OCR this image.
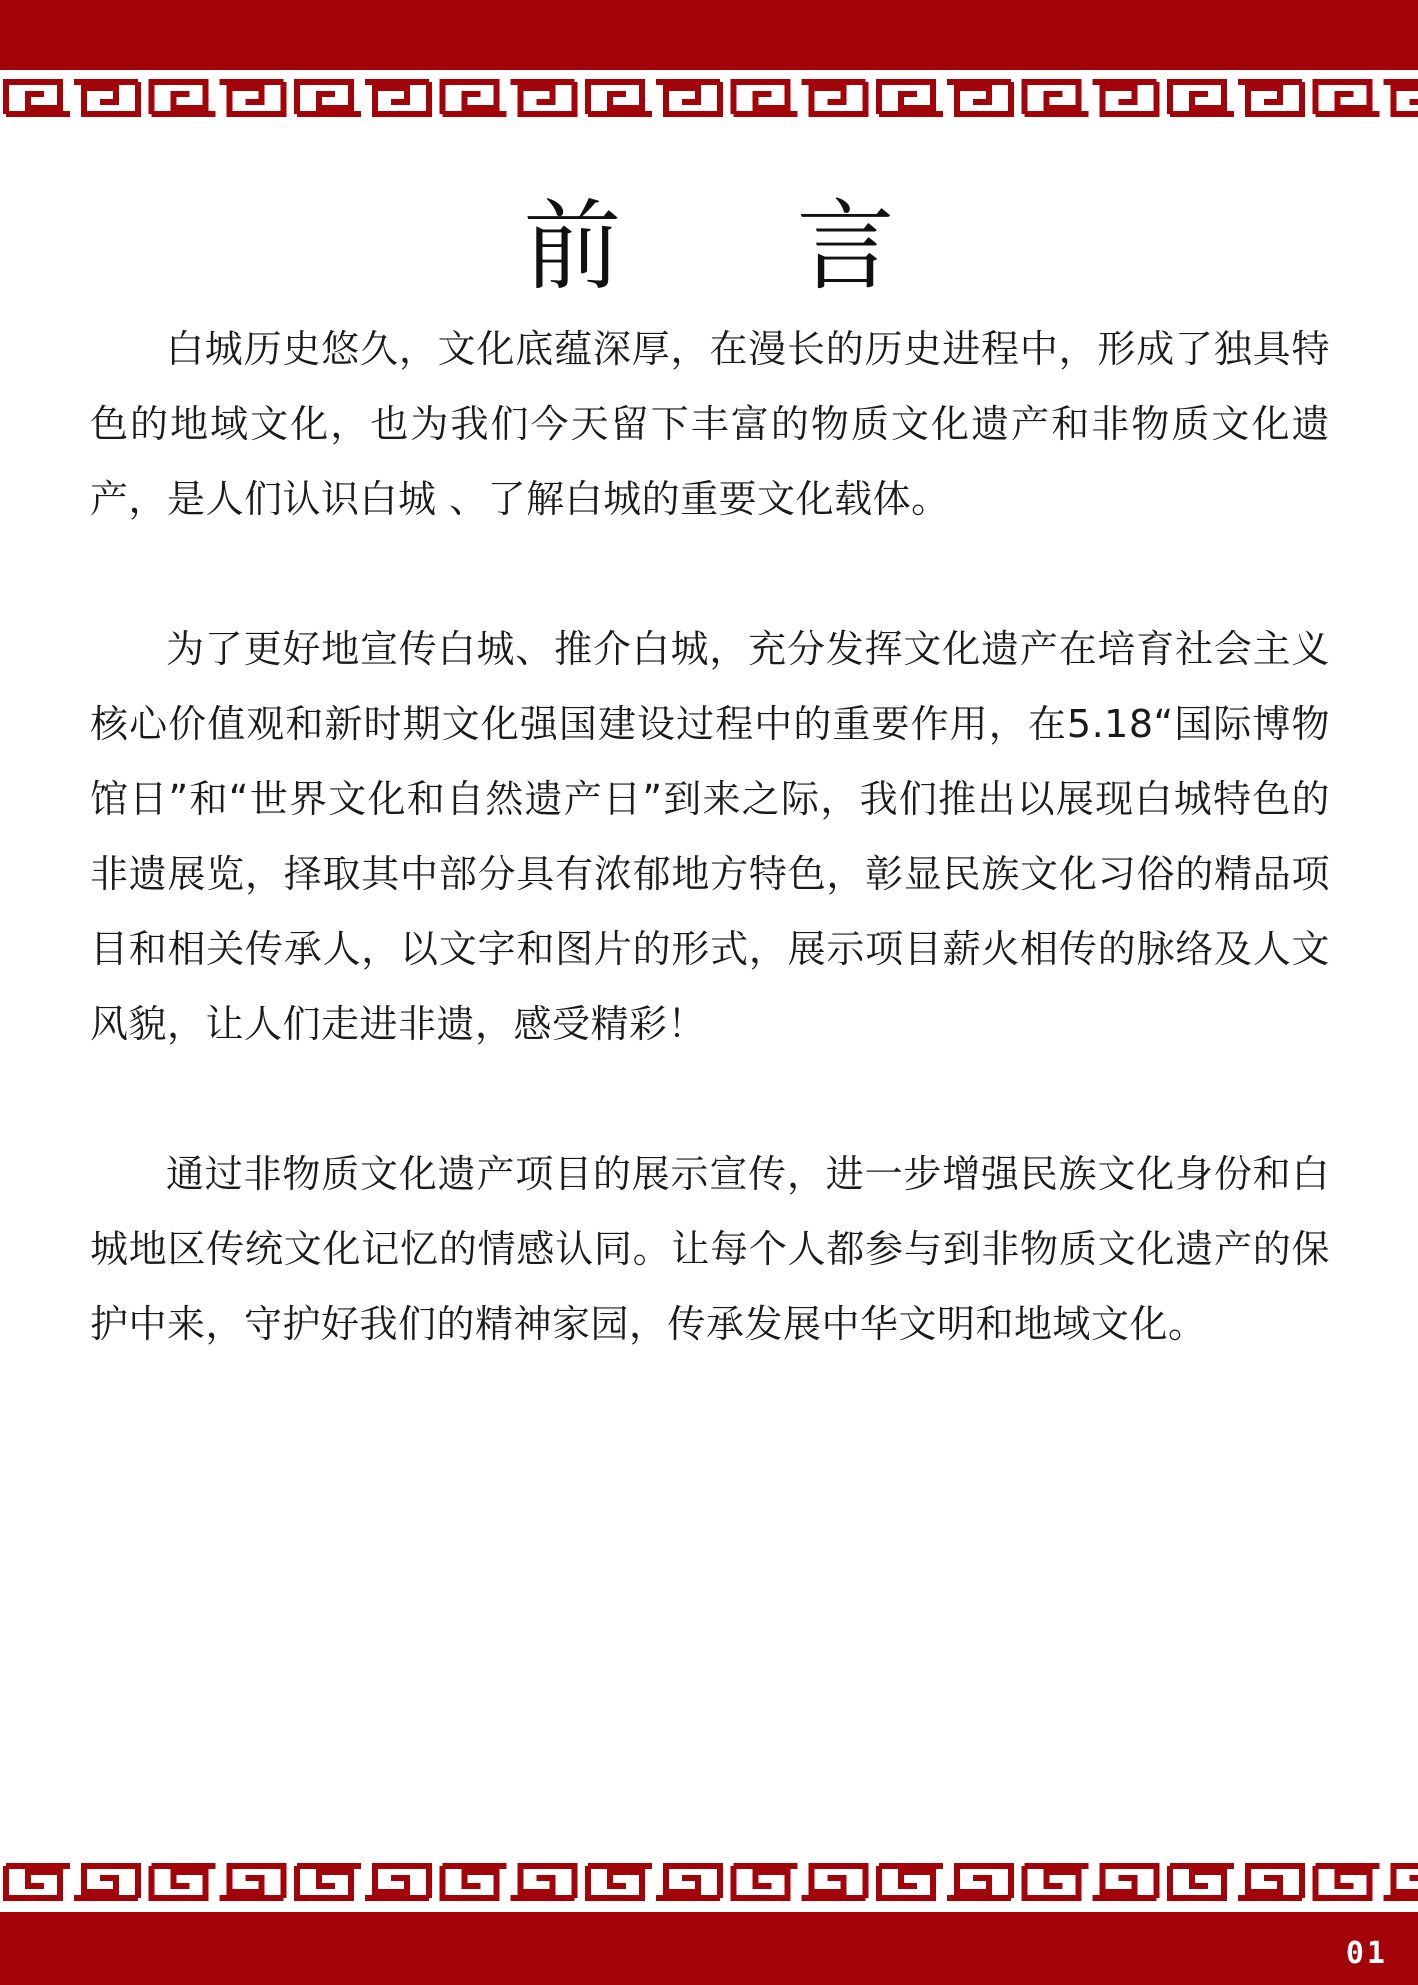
前 言

白城历史悠久，文化底蕴深厚，在漫长的历史进程中，形成了独具特色的地域文化，也为我们今天留下丰富的物质文化遗产和非物质文化遗产，是人们认识白城 、了解白城的重要文化载体。

为了更好地宣传白城、推介白城，充分发挥文化遗产在培育社会主义核心价值观和新时期文化强国建设过程中的重要作用，在5.18“国际博物馆日”和“世界文化和自然遗产日”到来之际，我们推出以展现白城特色的非遗展览，择取其中部分具有浓郁地方特色，彰显民族文化习俗的精品项目和相关传承人，以文字和图片的形式，展示项目薪火相传的脉络及人文风貌，让人们走进非遗，感受精彩！

通过非物质文化遗产项目的展示宣传，进一步增强民族文化身份和白城地区传统文化记忆的情感认同。让每个人都参与到非物质文化遗产的保护中来，守护好我们的精神家园，传承发展中华文明和地域文化。

01
